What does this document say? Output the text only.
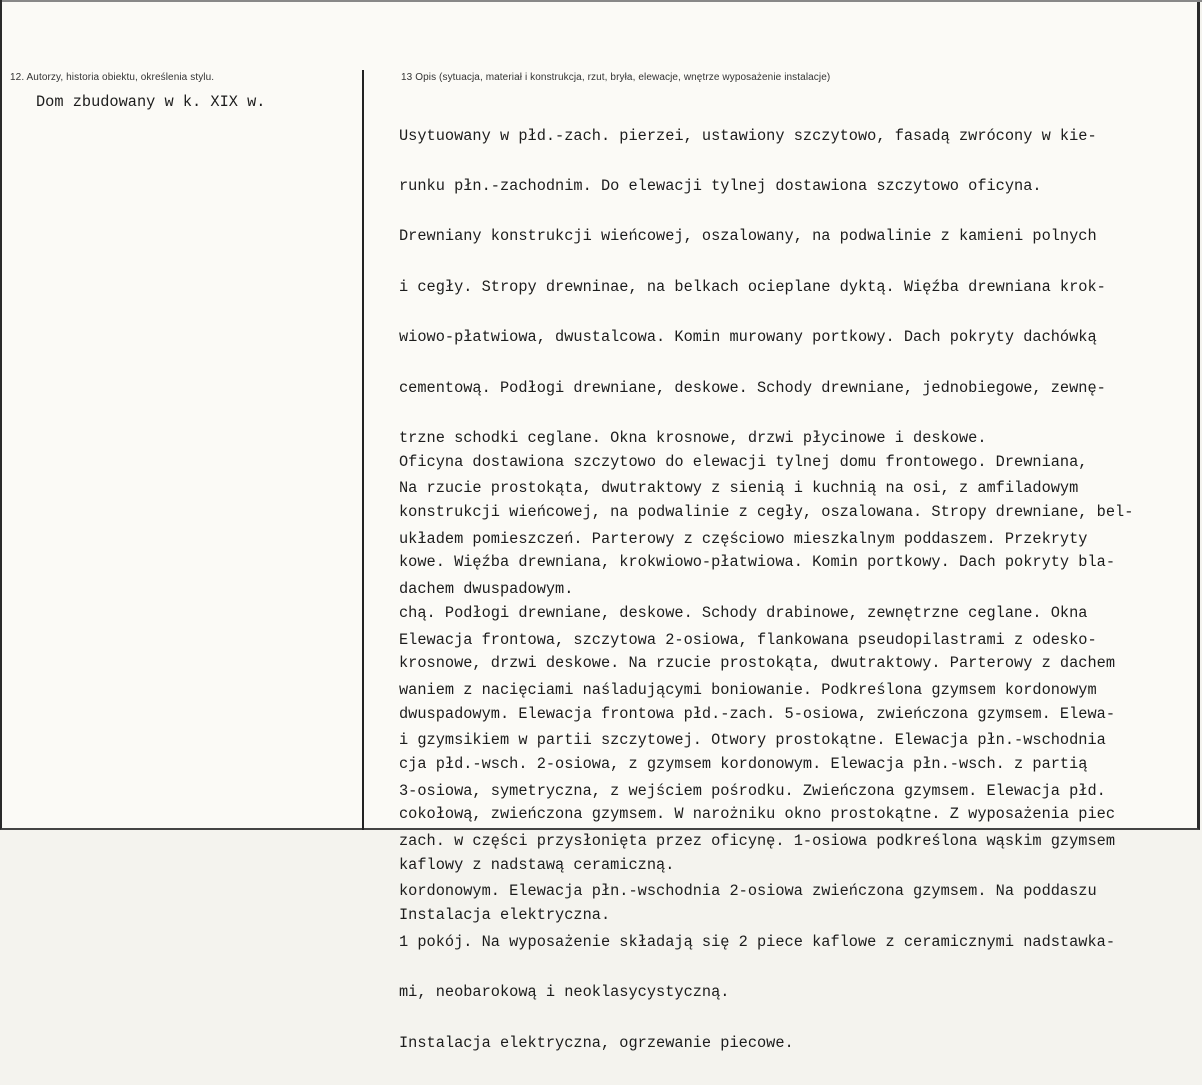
12. Autorzy, historia obiektu, określenia stylu.	13 Opis (sytuacja, materiał i konstrukcja, rzut, bryła, elewacje, wnętrze wyposażenie instalacje)
Dom zbudowany w k. XIX w.

Usytuowany w płd.-zach. pierzei, ustawiony szczytowo, fasadą zwrócony w kie-

runku płn.-zachodnim. Do elewacji tylnej dostawiona szczytowo oficyna.

Drewniany konstrukcji wieńcowej, oszalowany, na podwalinie z kamieni polnych

i cegły. Stropy drewninae, na belkach ocieplane dyktą. Więźba drewniana krok-

wiowo-płatwiowa, dwustalcowa. Komin murowany portkowy. Dach pokryty dachówką

cementową. Podłogi drewniane, deskowe. Schody drewniane, jednobiegowe, zewnę-

trzne schodki ceglane. Okna krosnowe, drzwi płycinowe i deskowe.

Na rzucie prostokąta, dwutraktowy z sienią i kuchnią na osi, z amfiladowym

układem pomieszczeń. Parterowy z częściowo mieszkalnym poddaszem. Przekryty

dachem dwuspadowym.

Elewacja frontowa, szczytowa 2-osiowa, flankowana pseudopilastrami z odesko-

waniem z nacięciami naśladującymi boniowanie. Podkreślona gzymsem kordonowym

i gzymsikiem w partii szczytowej. Otwory prostokątne. Elewacja płn.-wschodnia

3-osiowa, symetryczna, z wejściem pośrodku. Zwieńczona gzymsem. Elewacja płd.

zach. w części przysłonięta przez oficynę. 1-osiowa podkreślona wąskim gzymsem

kordonowym. Elewacja płn.-wschodnia 2-osiowa zwieńczona gzymsem. Na poddaszu

1 pokój. Na wyposażenie składają się 2 piece kaflowe z ceramicznymi nadstawka-

mi, neobarokową i neoklasycystyczną.

Instalacja elektryczna, ogrzewanie piecowe.

Oficyna dostawiona szczytowo do elewacji tylnej domu frontowego. Drewniana,

konstrukcji wieńcowej, na podwalinie z cegły, oszalowana. Stropy drewniane, bel-

kowe. Więźba drewniana, krokwiowo-płatwiowa. Komin portkowy. Dach pokryty bla-

chą. Podłogi drewniane, deskowe. Schody drabinowe, zewnętrzne ceglane. Okna

krosnowe, drzwi deskowe. Na rzucie prostokąta, dwutraktowy. Parterowy z dachem

dwuspadowym. Elewacja frontowa płd.-zach. 5-osiowa, zwieńczona gzymsem. Elewa-

cja płd.-wsch. 2-osiowa, z gzymsem kordonowym. Elewacja płn.-wsch. z partią

cokołową, zwieńczona gzymsem. W narożniku okno prostokątne. Z wyposażenia piec

kaflowy z nadstawą ceramiczną.

Instalacja elektryczna.
